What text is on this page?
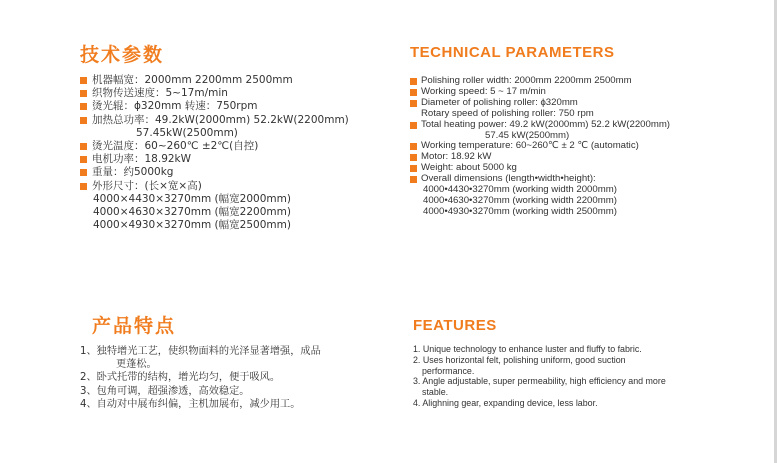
技术参数
机器幅宽：2000mm 2200mm 2500mm
织物传送速度：5~17m/min
烫光辊：ϕ320mm 转速：750rpm
加热总功率：49.2kW(2000mm) 52.2kW(2200mm)
57.45kW(2500mm)
烫光温度：60~260℃ ±2℃(自控)
电机功率：18.92kW
重量：约5000kg
外形尺寸：(长×宽×高)
4000×4430×3270mm (幅宽2000mm)
4000×4630×3270mm (幅宽2200mm)
4000×4930×3270mm (幅宽2500mm)
TECHNICAL PARAMETERS
Polishing roller width: 2000mm 2200mm 2500mm
Working speed: 5 ~ 17 m/min
Diameter of polishing roller: ϕ320mm
Rotary speed of polishing roller: 750 rpm
Total heating power: 49.2 kW(2000mm) 52.2 kW(2200mm)
57.45 kW(2500mm)
Working temperature: 60~260℃ ± 2 ℃ (automatic)
Motor: 18.92 kW
Weight: about 5000 kg
Overall dimensions (length•width•height):
4000•4430•3270mm (working width 2000mm)
4000•4630•3270mm (working width 2200mm)
4000•4930•3270mm (working width 2500mm)
产品特点
1、独特增光工艺，使织物面料的光泽显著增强，成品
更蓬松。
2、卧式托带的结构，增光均匀，便于吸风。
3、包角可调，超强渗透，高效稳定。
4、自动对中展布纠偏，主机加展布，减少用工。
FEATURES
1. Unique technology to enhance luster and fluffy to fabric.
2. Uses horizontal felt, polishing uniform, good suction
performance.
3. Angle adjustable, super permeability, high efficiency and more
stable.
4. Alighning gear, expanding device, less labor.
